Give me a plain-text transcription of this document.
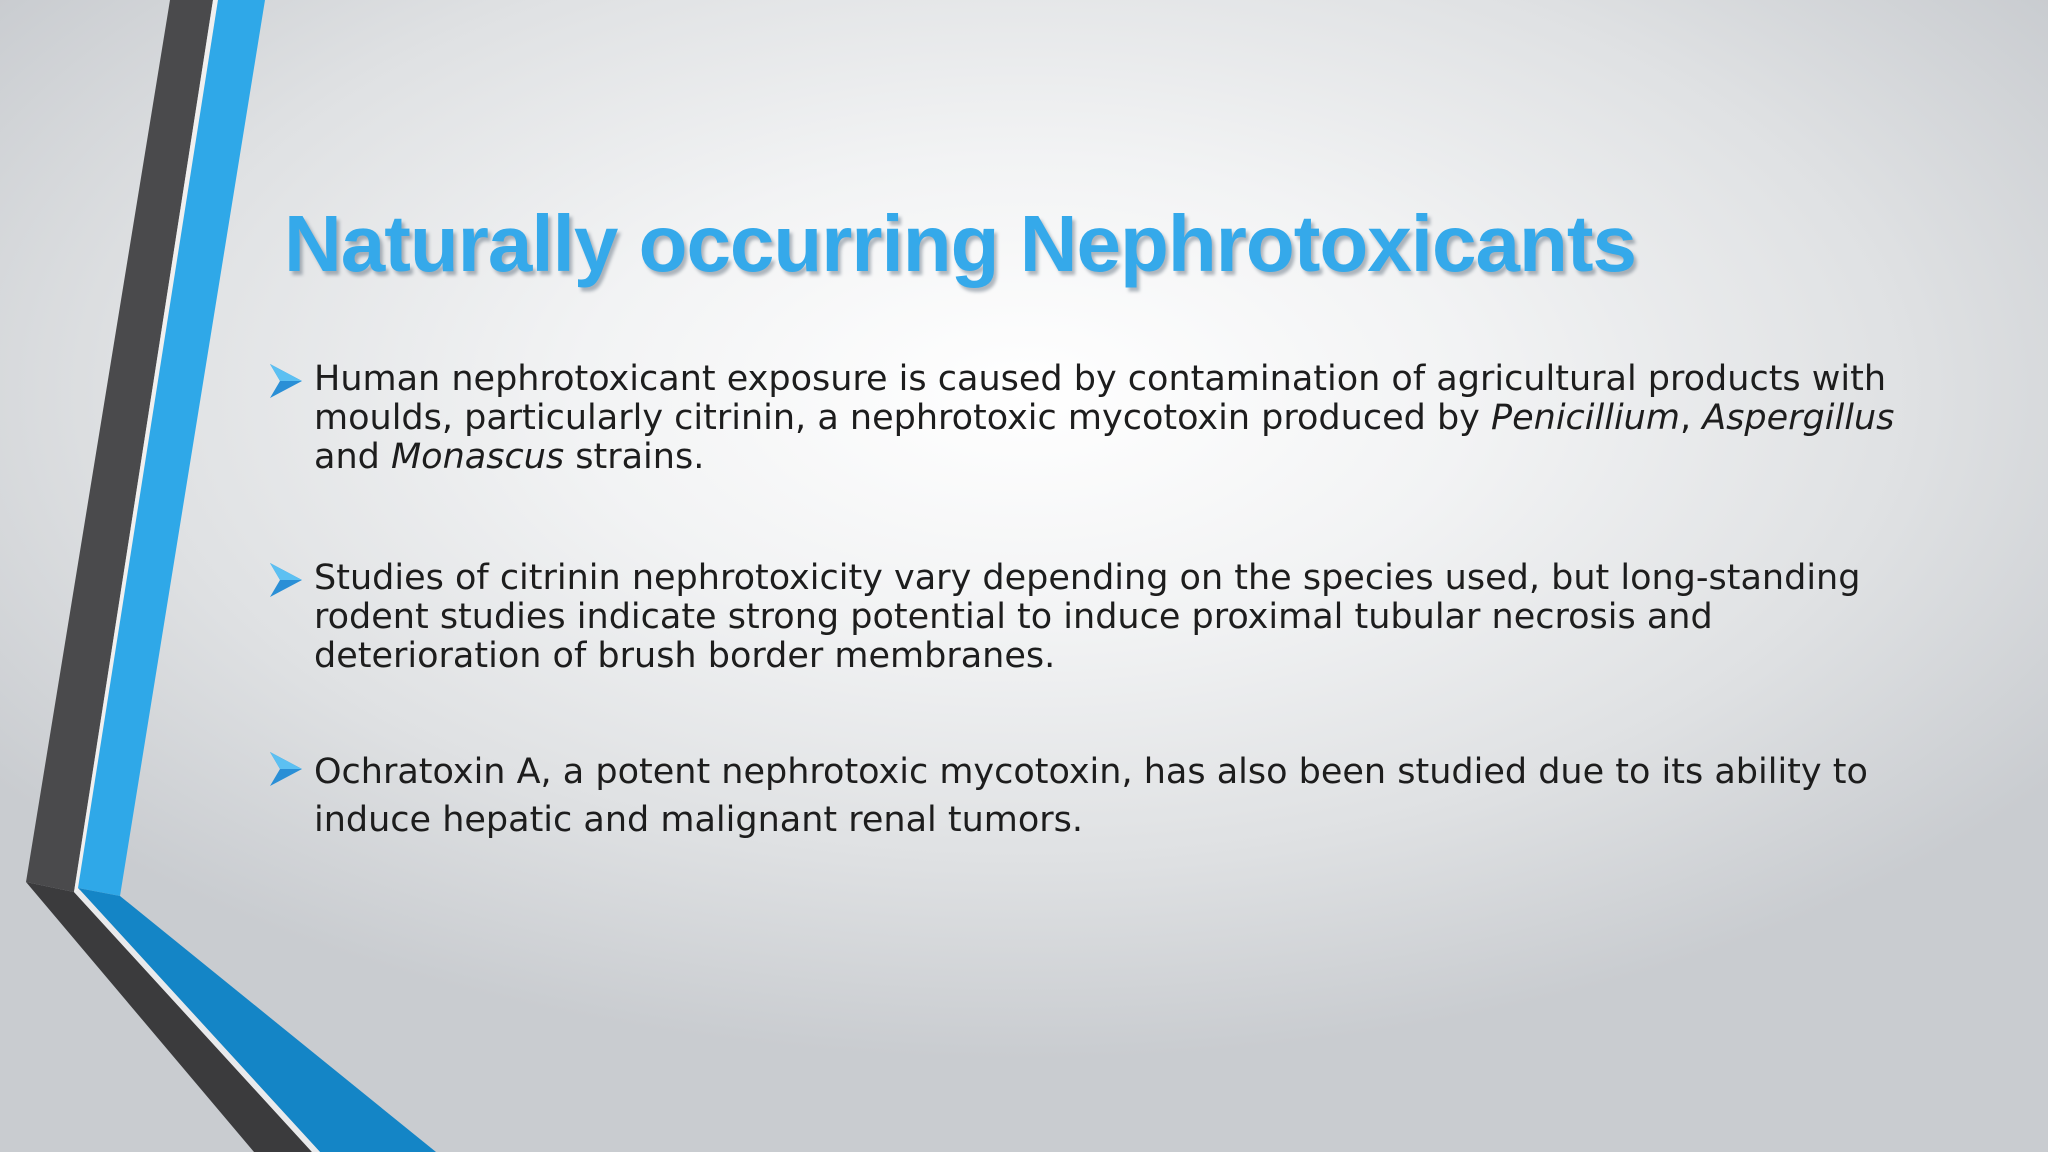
Naturally occurring Nephrotoxicants
Human nephrotoxicant exposure is caused by contamination of agricultural products with moulds, particularly citrinin, a nephrotoxic mycotoxin produced by Penicillium, Aspergillus and Monascus strains.
Studies of citrinin nephrotoxicity vary depending on the species used, but long-standing rodent studies indicate strong potential to induce proximal tubular necrosis and deterioration of brush border membranes.
Ochratoxin A, a potent nephrotoxic mycotoxin, has also been studied due to its ability to induce hepatic and malignant renal tumors.
